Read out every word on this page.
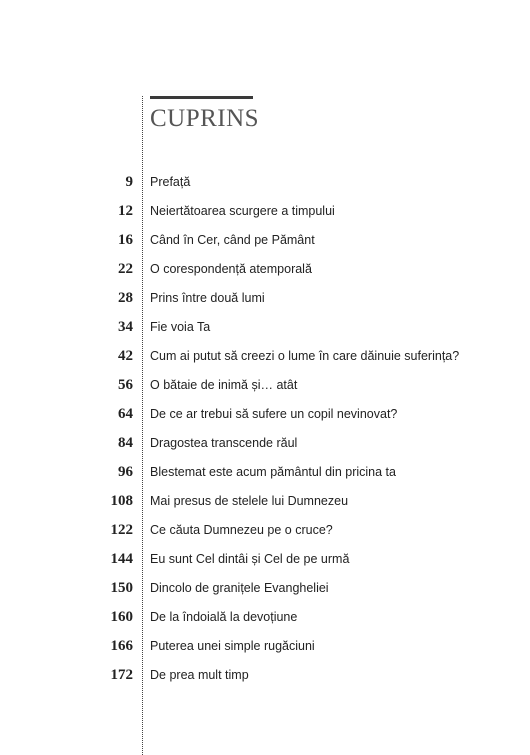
CUPRINS
9 Prefață
12 Neiertătoarea scurgere a timpului
16 Când în Cer, când pe Pământ
22 O corespondență atemporală
28 Prins între două lumi
34 Fie voia Ta
42 Cum ai putut să creezi o lume în care dăinuie suferința?
56 O bătaie de inimă și… atât
64 De ce ar trebui să sufere un copil nevinovat?
84 Dragostea transcende răul
96 Blestemat este acum pământul din pricina ta
108 Mai presus de stelele lui Dumnezeu
122 Ce căuta Dumnezeu pe o cruce?
144 Eu sunt Cel dintâi și Cel de pe urmă
150 Dincolo de granițele Evangheliei
160 De la îndoială la devoțiune
166 Puterea unei simple rugăciuni
172 De prea mult timp
